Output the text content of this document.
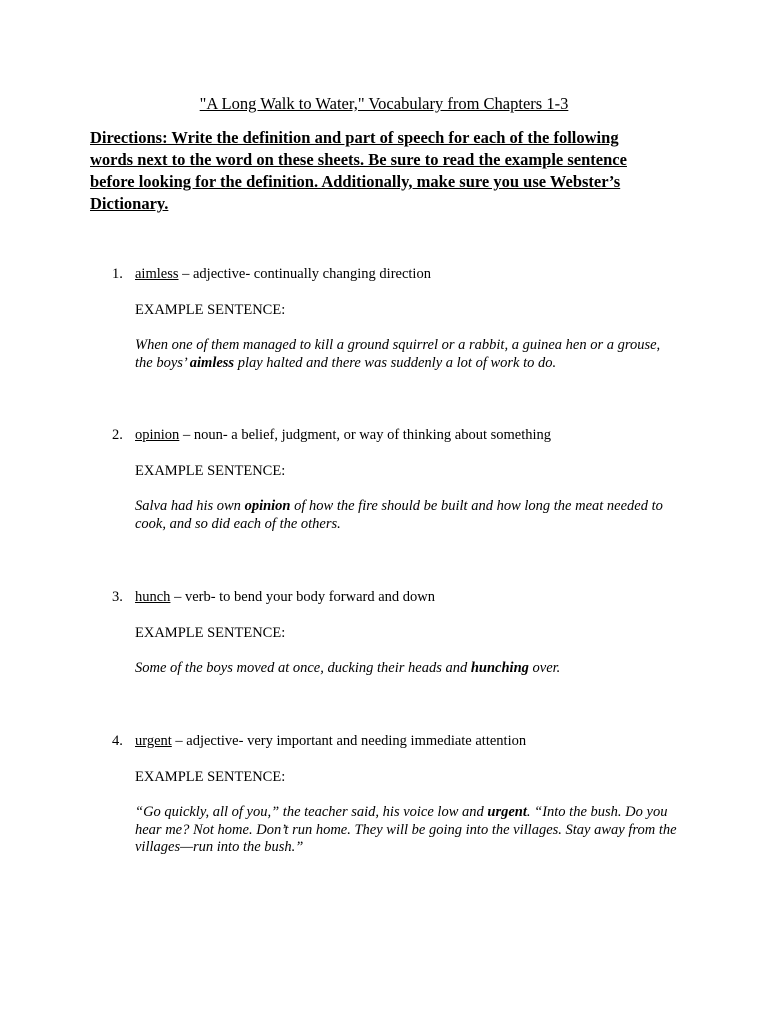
"A Long Walk to Water," Vocabulary from Chapters 1-3

Directions: Write the definition and part of speech for each of the following
words next to the word on these sheets. Be sure to read the example sentence
before looking for the definition. Additionally, make sure you use Webster’s
Dictionary.

1. aimless – adjective- continually changing direction
EXAMPLE SENTENCE:

When one of them managed to kill a ground squirrel or a rabbit, a guinea hen or a grouse, the boys’ aimless play halted and there was suddenly a lot of work to do.

2. opinion – noun- a belief, judgment, or way of thinking about something
EXAMPLE SENTENCE:

Salva had his own opinion of how the fire should be built and how long the meat needed to cook, and so did each of the others.

3. hunch – verb- to bend your body forward and down
EXAMPLE SENTENCE:

Some of the boys moved at once, ducking their heads and hunching over.

4. urgent – adjective- very important and needing immediate attention
EXAMPLE SENTENCE:

“Go quickly, all of you,” the teacher said, his voice low and urgent. “Into the bush. Do you hear me? Not home. Don’t run home. They will be going into the villages. Stay away from the villages—run into the bush.”
